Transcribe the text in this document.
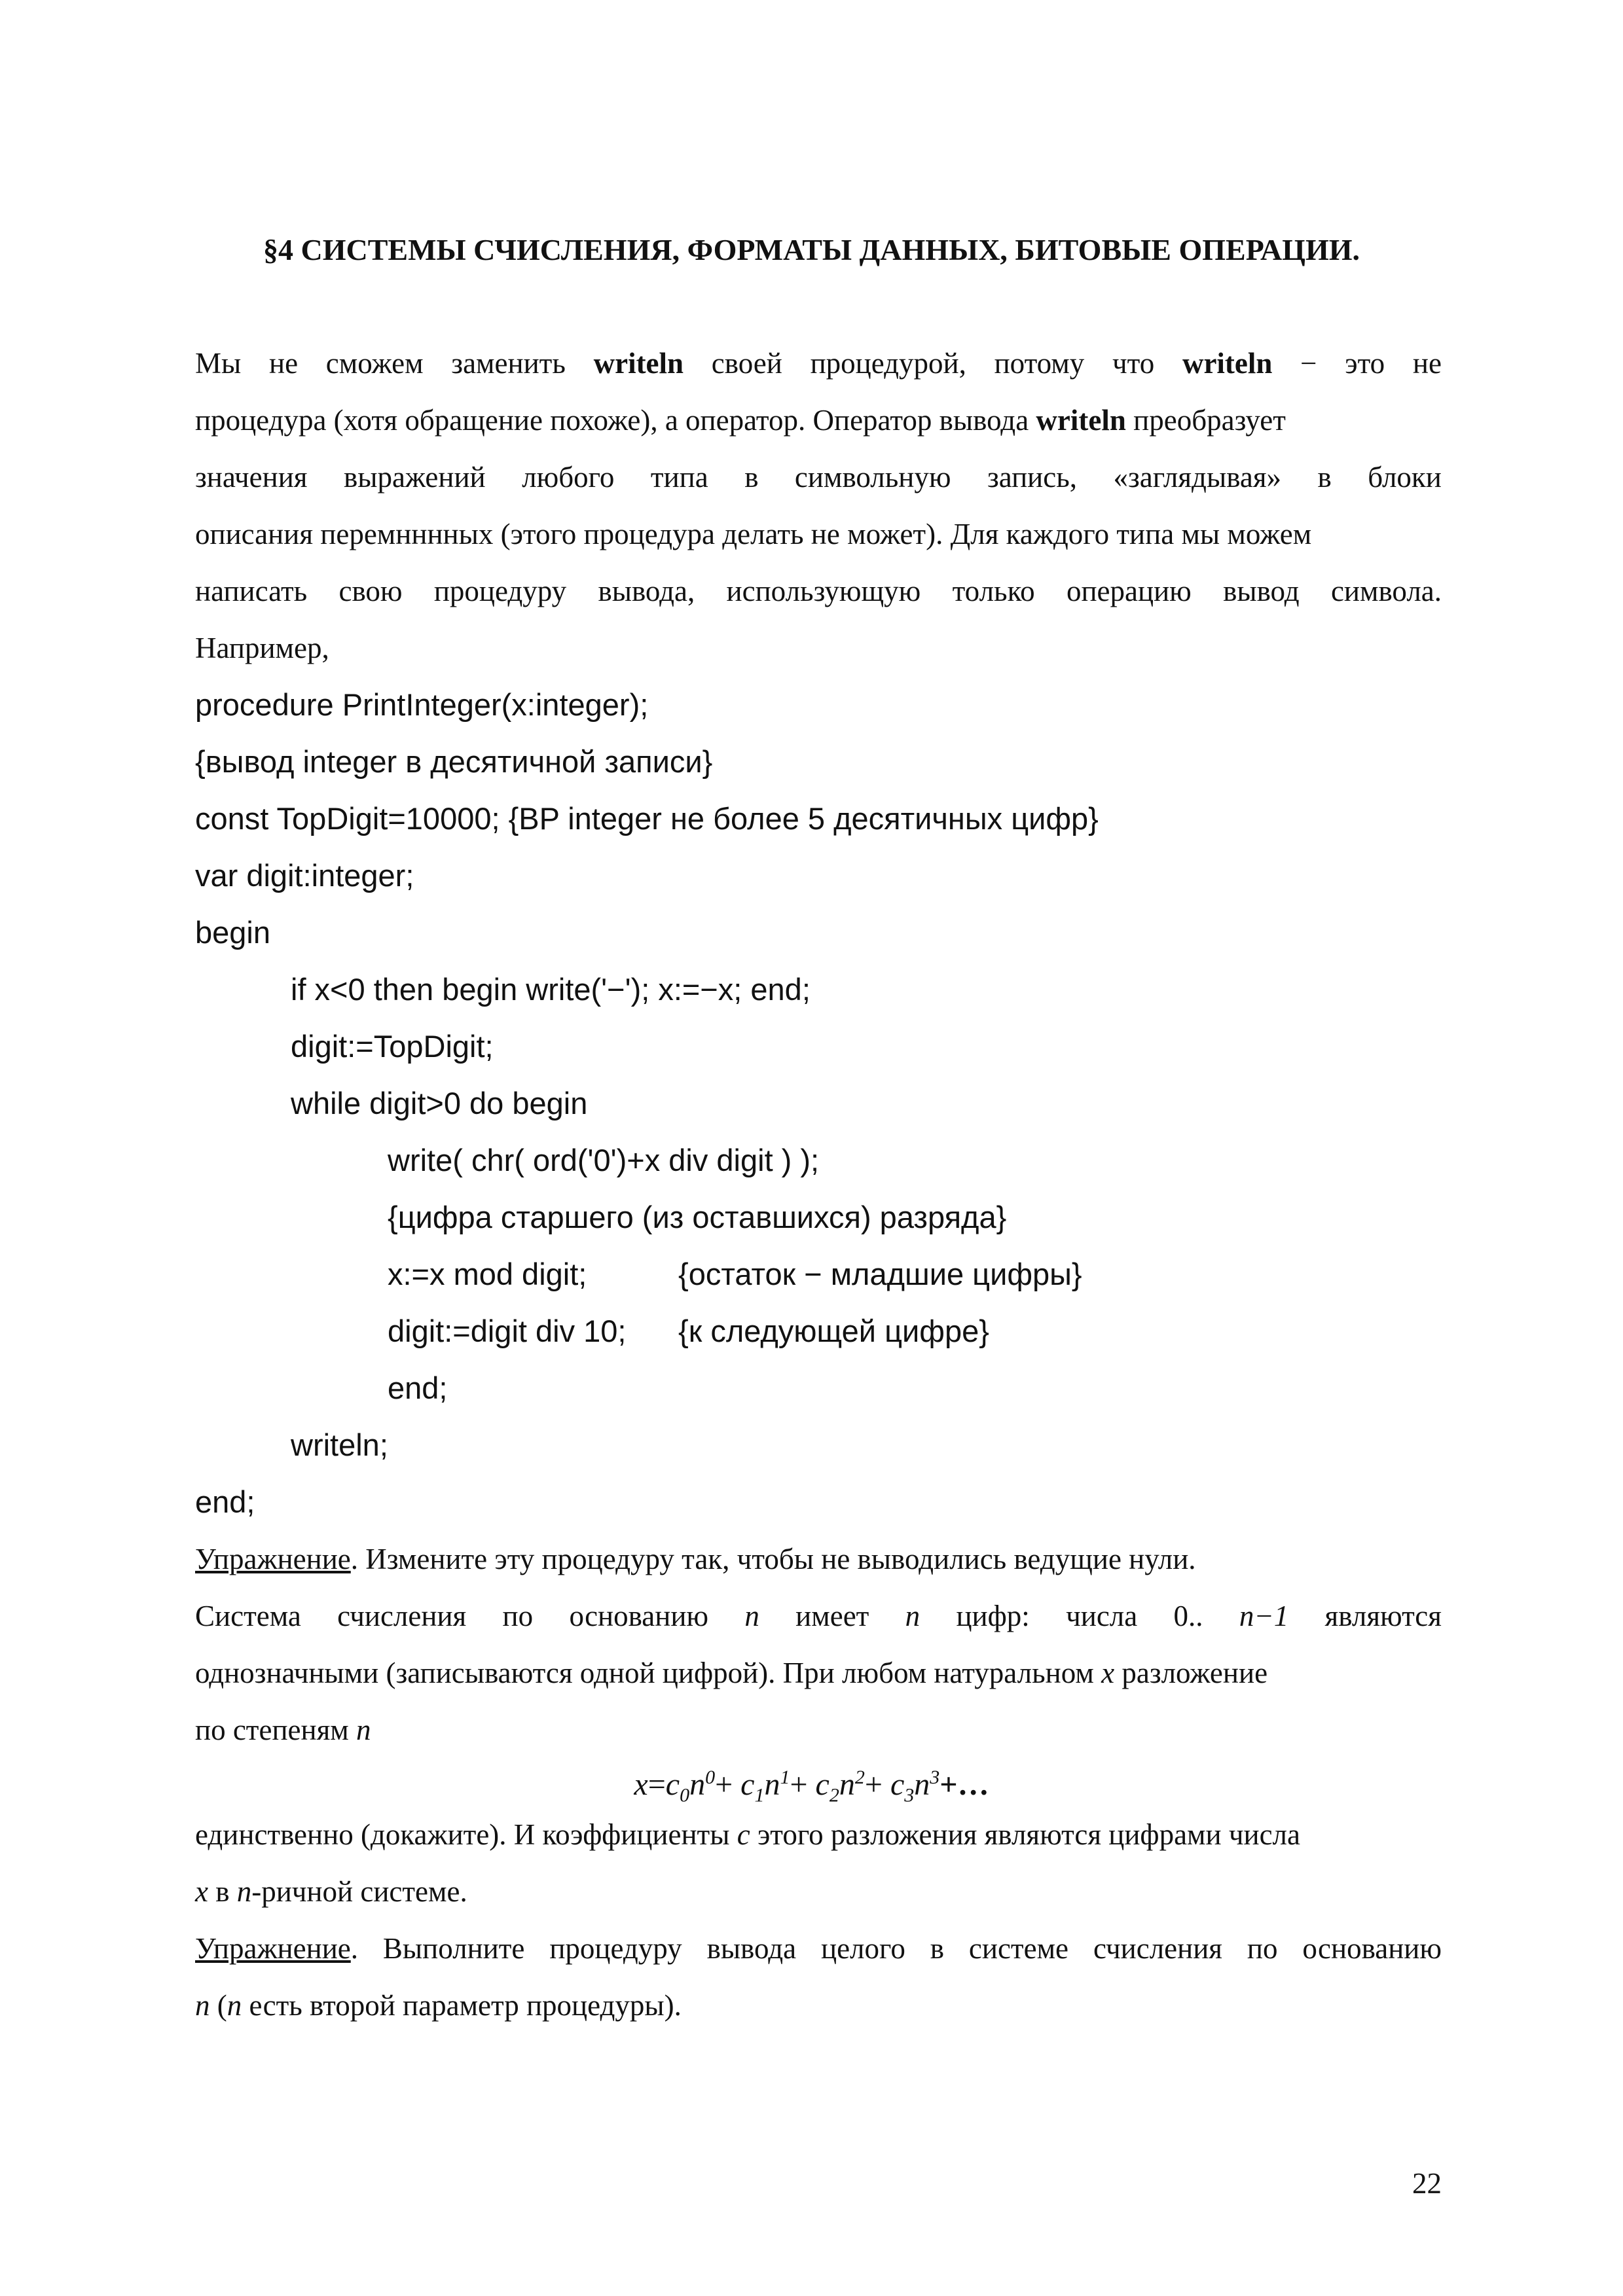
§4 СИСТЕМЫ СЧИСЛЕНИЯ, ФОРМАТЫ ДАННЫХ, БИТОВЫЕ ОПЕРАЦИИ.
Мы не сможем заменить writeln своей процедурой, потому что writeln − это не
процедура (хотя обращение похоже), а оператор. Оператор вывода writeln преобразует
значения выражений любого типа в символьную запись, «заглядывая» в блоки
описания перемнннных (этого процедура делать не может). Для каждого типа мы можем
написать свою процедуру вывода, использующую только операцию вывод символа.
Например,
procedure PrintInteger(x:integer);
{вывод integer в десятичной записи}
const TopDigit=10000; {BP integer не более 5 десятичных цифр}
var digit:integer;
begin
if x<0 then begin write('−'); x:=−x; end;
digit:=TopDigit;
while digit>0 do begin
write( chr( ord('0')+x div digit ) );
{цифра старшего (из оставшихся) разряда}
x:=x mod digit;	{остаток − младшие цифры}
digit:=digit div 10; {к следующей цифре}
end;
writeln;
end;
Упражнение. Измените эту процедуру так, чтобы не выводились ведущие нули.
Система счисления по основанию n имеет n цифр: числа 0.. n−1 являются
однозначными (записываются одной цифрой). При любом натуральном x разложение
по степеням n
$x=c_0n^0+ c_1n^1+ c_2n^2+$ $c_3n^3+\dots$
единственно (докажите). И коэффициенты c этого разложения являются цифрами числа
x в n-ричной системе.
Упражнение. Выполните процедуру вывода целого в системе счисления по основанию
n (n есть второй параметр процедуры).
22
